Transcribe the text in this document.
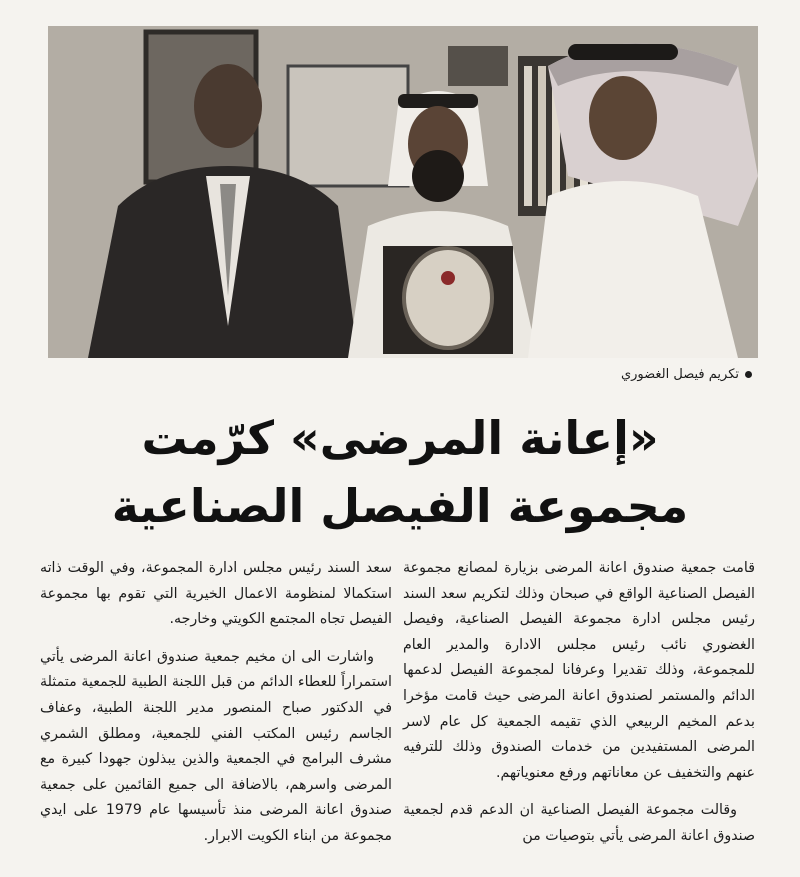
تكريم فيصل الغضوري
«إعانة المرضى» كرّمت
مجموعة الفيصل الصناعية

قامت جمعية صندوق اعانة المرضى بزيارة لمصانع مجموعة الفيصل الصناعية الواقع في صبحان وذلك لتكريم سعد السند رئيس مجلس ادارة مجموعة الفيصل الصناعية، وفيصل الغضوري نائب رئيس مجلس الادارة والمدير العام للمجموعة، وذلك تقديرا وعرفانا لمجموعة الفيصل لدعمها الدائم والمستمر لصندوق اعانة المرضى حيث قامت مؤخرا بدعم المخيم الربيعي الذي تقيمه الجمعية كل عام لاسر المرضى المستفيدين من خدمات الصندوق وذلك للترفيه عنهم والتخفيف عن معاناتهم ورفع معنوياتهم.

وقالت مجموعة الفيصل الصناعية ان الدعم قدم لجمعية صندوق اعانة المرضى يأتي بتوصيات من

سعد السند رئيس مجلس ادارة المجموعة، وفي الوقت ذاته استكمالا لمنظومة الاعمال الخيرية التي تقوم بها مجموعة الفيصل تجاه المجتمع الكويتي وخارجه.

واشارت الى ان مخيم جمعية صندوق اعانة المرضى يأتي استمراراً للعطاء الدائم من قبل اللجنة الطبية للجمعية متمثلة في الدكتور صباح المنصور مدير اللجنة الطبية، وعفاف الجاسم رئيس المكتب الفني للجمعية، ومطلق الشمري مشرف البرامج في الجمعية والذين يبذلون جهودا كبيرة مع المرضى واسرهم، بالاضافة الى جميع القائمين على جمعية صندوق اعانة المرضى منذ تأسيسها عام 1979 على ايدي مجموعة من ابناء الكويت الابرار.
